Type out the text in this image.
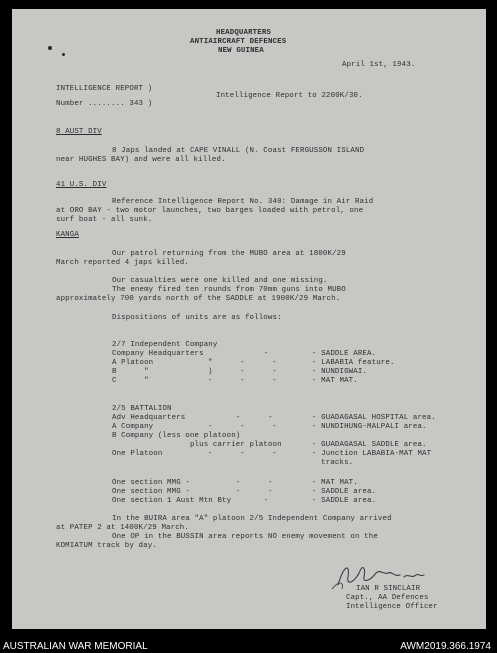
HEADQUARTERS

ANTIAIRCRAFT DEFENCES

NEW GUINEA

April 1st, 1943.

INTELLIGENCE REPORT )

Number ........ 343 )

Intelligence Report to 2200K/30.

8 AUST DIV

8 Japs landed at CAPE VINALL (N. Coast FERGUSSON ISLAND

near HUGHES BAY) and were all killed.

41 U.S. DIV

Reference Intelligence Report No. 340: Damage in Air Raid

at ORO BAY - two motor launches, two barges loaded with petrol, one

surf boat - all sunk.

KANGA

Our patrol returning from the MUBO area at 1800K/29

March reported 4 japs killed.

Our casualties were one killed and one missing.

The enemy fired ten rounds from 70mm guns into MUBO

approximately 700 yards north of the SADDLE at 1900K/29 March.

Dispositions of units are as follows:

2/7 Independent Company

Company Headquarters	-	- SADDLE AREA.

A Platoon	"      -      -	- LABABIA feature.

B      "	)      -      -	- NUNDIGWAI.

C      "	-      -      -	- MAT MAT.

2/5 BATTALION

Adv Headquarters	-      -	- GUADAGASAL HOSPITAL area.

A Company	-      -      -	- NUNDIHUNG-MALPALI area.

B Company (less one platoon)

plus carrier platoon	- GUADAGASAL SADDLE area.

One Platoon	-      -      -	- Junction LABABIA-MAT MAT

tracks.

One section MMG -	-      -	- MAT MAT.

One section MMG -	-      -	- SADDLE area.

One section 1 Aust Mtn Bty	-	- SADDLE area.

In the BUIRA area "A" platoon 2/5 Independent Company arrived

at PATEP 2 at 1400K/29 March.

One OP in the BUSSIN area reports NO enemy movement on the

KOMIATUM track by day.

IAN R SINCLAIR

Capt., AA Defences

Intelligence Officer

AUSTRALIAN WAR MEMORIAL	AWM2019.366.1974
